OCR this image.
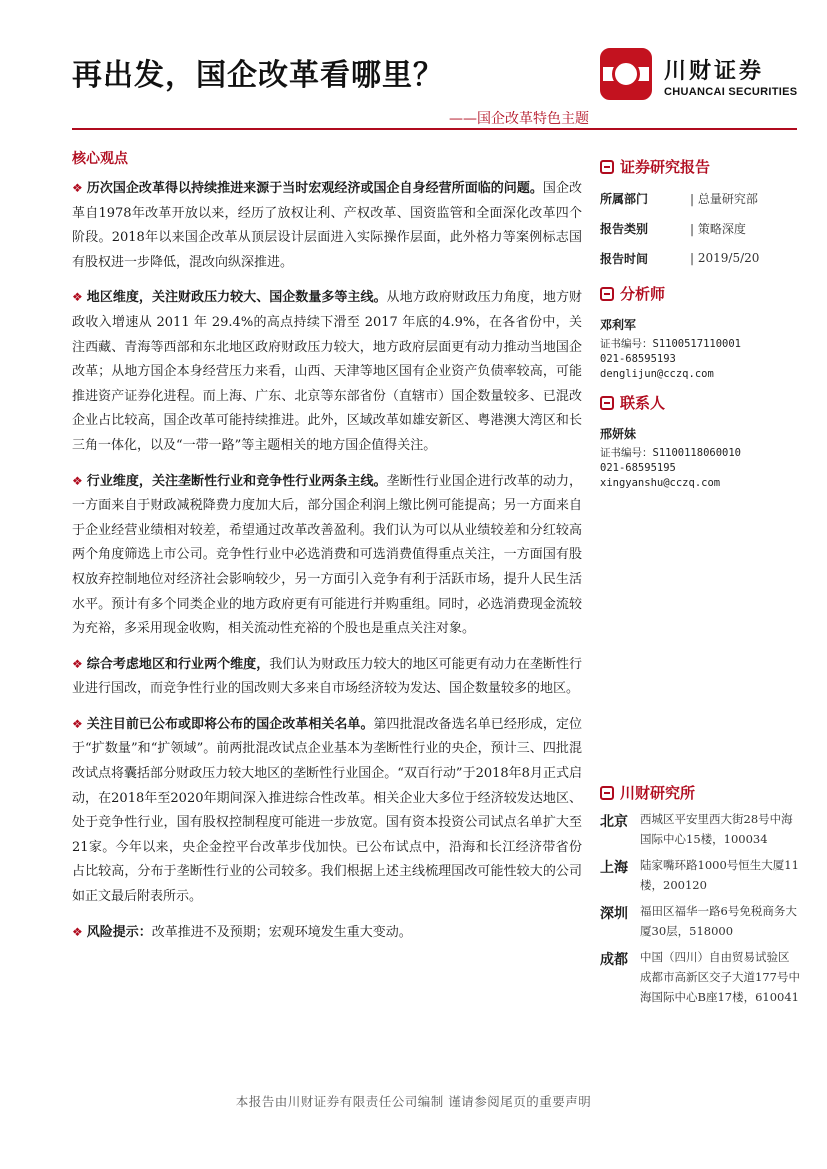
再出发，国企改革看哪里？	川财证券
CHUANCAI SECURITIES
——国企改革特色主题
核心观点

❖ 历次国企改革得以持续推进来源于当时宏观经济或国企自身经营所面临的问题。国企改革自1978年改革开放以来，经历了放权让利、产权改革、国资监管和全面深化改革四个阶段。2018年以来国企改革从顶层设计层面进入实际操作层面，此外格力等案例标志国有股权进一步降低，混改向纵深推进。

❖ 地区维度，关注财政压力较大、国企数量多等主线。从地方政府财政压力角度，地方财政收入增速从 2011 年 29.4%的高点持续下滑至 2017 年底的4.9%，在各省份中，关注西藏、青海等西部和东北地区政府财政压力较大，地方政府层面更有动力推动当地国企改革；从地方国企本身经营压力来看，山西、天津等地区国有企业资产负债率较高，可能推进资产证券化进程。而上海、广东、北京等东部省份（直辖市）国企数量较多、已混改企业占比较高，国企改革可能持续推进。此外，区域改革如雄安新区、粤港澳大湾区和长三角一体化，以及“一带一路”等主题相关的地方国企值得关注。

❖ 行业维度，关注垄断性行业和竞争性行业两条主线。垄断性行业国企进行改革的动力，一方面来自于财政减税降费力度加大后，部分国企利润上缴比例可能提高；另一方面来自于企业经营业绩相对较差，希望通过改革改善盈利。我们认为可以从业绩较差和分红较高两个角度筛选上市公司。竞争性行业中必选消费和可选消费值得重点关注，一方面国有股权放弃控制地位对经济社会影响较少，另一方面引入竞争有利于活跃市场，提升人民生活水平。预计有多个同类企业的地方政府更有可能进行并购重组。同时，必选消费现金流较为充裕，多采用现金收购，相关流动性充裕的个股也是重点关注对象。

❖ 综合考虑地区和行业两个维度，我们认为财政压力较大的地区可能更有动力在垄断性行业进行国改，而竞争性行业的国改则大多来自市场经济较为发达、国企数量较多的地区。

❖ 关注目前已公布或即将公布的国企改革相关名单。第四批混改备选名单已经形成，定位于“扩数量”和“扩领域”。前两批混改试点企业基本为垄断性行业的央企，预计三、四批混改试点将囊括部分财政压力较大地区的垄断性行业国企。“双百行动”于2018年8月正式启动，在2018年至2020年期间深入推进综合性改革。相关企业大多位于经济较发达地区、处于竞争性行业，国有股权控制程度可能进一步放宽。国有资本投资公司试点名单扩大至21家。今年以来，央企金控平台改革步伐加快。已公布试点中，沿海和长江经济带省份占比较高，分布于垄断性行业的公司较多。我们根据上述主线梳理国改可能性较大的公司如正文最后附表所示。

❖ 风险提示：改革推进不及预期；宏观环境发生重大变动。

证券研究报告
所属部门	| 总量研究部
报告类别	| 策略深度
报告时间	| 2019/5/20
分析师
邓利军
证书编号：S1100517110001
021-68595193
denglijun@cczq.com
联系人
邢妍妹
证书编号：S1100118060010
021-68595195
xingyanshu@cczq.com
川财研究所
北京	西城区平安里西大街28号中海国际中心15楼，100034
上海	陆家嘴环路1000号恒生大厦11楼，200120
深圳	福田区福华一路6号免税商务大厦30层，518000
成都	中国（四川）自由贸易试验区成都市高新区交子大道177号中海国际中心B座17楼，610041
本报告由川财证券有限责任公司编制 谨请参阅尾页的重要声明
